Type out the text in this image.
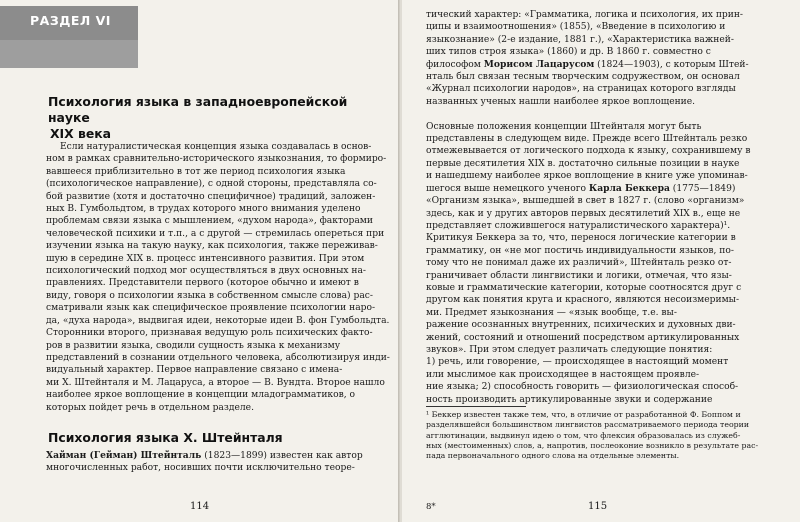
РАЗДЕЛ VI
Психология языка в западноевропейской науке
XIX века
Если натуралистическая концепция языка создавалась в основ-
ном в рамках сравнительно-исторического языкознания, то формиро-
вавшееся приблизительно в тот же период психология языка
(психологическое направление), с одной стороны, представляла со-
бой развитие (хотя и достаточно специфичное) традиций, заложен-
ных В. Гумбольдтом, в трудах которого много внимания уделено
проблемам связи языка с мышлением, «духом народа», факторами
человеческой психики и т.п., а с другой — стремилась опереться при
изучении языка на такую науку, как психология, также переживав-
шую в середине XIX в. процесс интенсивного развития. При этом
психологический подход мог осуществляться в двух основных на-
правлениях. Представители первого (которое обычно и имеют в
виду, говоря о психологии языка в собственном смысле слова) рас-
сматривали язык как специфическое проявление психологии наро-
да, «духа народа», выдвигая идеи, некоторые идеи В. фон Гумбольдта.
Сторонники второго, признавая ведущую роль психических факто-
ров в развитии языка, сводили сущность языка к механизму
представлений в сознании отдельного человека, абсолютизируя инди-
видуальный характер. Первое направление связано с имена-
ми Х. Штейнталя и М. Лацаруса, а второе — В. Вундта. Второе нашло
наиболее яркое воплощение в концепции младограмматиков, о
которых пойдет речь в отдельном разделе.
Психология языка Х. Штейнталя
Хайман (Гейман) Штейнталь (1823—1899) известен как автор
многочисленных работ, носивших почти исключительно теоре-
114
тический характер: «Грамматика, логика и психология, их прин-
ципы и взаимоотношения» (1855), «Введение в психологию и
языкознание» (2-е издание, 1881 г.), «Характеристика важней-
ших типов строя языка» (1860) и др. В 1860 г. совместно с
философом Морисом Лацарусом (1824—1903), с которым Штей-
нталь был связан тесным творческим содружеством, он основал
«Журнал психологии народов», на страницах которого взгляды
названных ученых нашли наиболее яркое воплощение.

Основные положения концепции Штейнталя могут быть
представлены в следующем виде. Прежде всего Штейнталь резко
отмежевывается от логического подхода к языку, сохранившему в
первые десятилетия XIX в. достаточно сильные позиции в науке
и нашедшему наиболее яркое воплощение в книге уже упоминав-
шегося выше немецкого ученого Карла Беккера (1775—1849)
«Организм языка», вышедшей в свет в 1827 г. (слово «организм»
здесь, как и у других авторов первых десятилетий XIX в., еще не
представляет сложившегося натуралистического характера)¹.
Критикуя Беккера за то, что, перенося логические категории в
грамматику, он «не мог постичь индивидуальности языков, по-
тому что не понимал даже их различий», Штейнталь резко от-
граничивает области лингвистики и логики, отмечая, что язы-
ковые и грамматические категории, которые соотносятся друг с
другом как понятия круга и красного, являются несоизмеримы-
ми. Предмет языкознания — «язык вообще, т.е. вы-
ражение осознанных внутренних, психических и духовных дви-
жений, состояний и отношений посредством артикулированных
звуков». При этом следует различать следующие понятия:
1) речь, или говорение, — происходящее в настоящий момент
или мыслимое как происходящее в настоящем проявле-
ние языка; 2) способность говорить — физиологическая способ-
ность производить артикулированные звуки и содержание
¹ Беккер известен также тем, что, в отличие от разработанной Ф. Боппом и
разделявшейся большинством лингвистов рассматриваемого периода теории
агглютинации, выдвинул идею о том, что флексия образовалась из служеб-
ных (местоименных) слов, а, напротив, послеоконие возникло в результате рас-
пада первоначального одного слова на отдельные элементы.
8*	115
